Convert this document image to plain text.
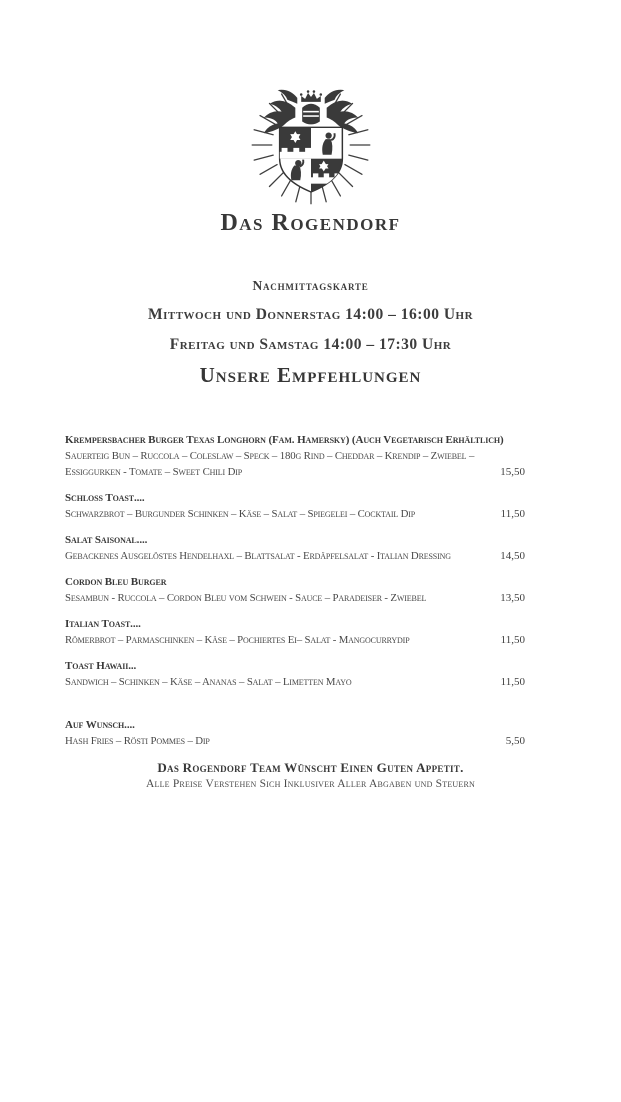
Das Rogendorf
Nachmittagskarte
Mittwoch und Donnerstag 14:00 – 16:00 Uhr
Freitag und Samstag 14:00 – 17:30 Uhr
Unsere Empfehlungen
Krempersbacher Burger Texas Longhorn (Fam. Hamersky) (Auch Vegetarisch Erhältlich)
Sauerteig Bun – Ruccola – Coleslaw – Speck – 180g Rind – Cheddar – Krendip – Zwiebel – Essiggurken - Tomate – Sweet Chili Dip	15,50
Schloss Toast....
Schwarzbrot – Burgunder Schinken – Käse – Salat – Spiegelei – Cocktail Dip	11,50
Salat Saisonal....
Gebackenes Ausgelöstes Hendelhaxl – Blattsalat - Erdäpfelsalat - Italian Dressing	14,50
Cordon Bleu Burger
Sesambun - Ruccola – Cordon Bleu vom Schwein - Sauce – Paradeiser - Zwiebel	13,50
Italian Toast....
Römerbrot – Parmaschinken – Käse – Pochiertes Ei– Salat - Mangocurrydip	11,50
Toast Hawaii...
Sandwich – Schinken – Käse – Ananas – Salat – Limetten Mayo	11,50
Auf Wunsch....
Hash Fries – Rösti Pommes – Dip	5,50
Das Rogendorf Team Wünscht Einen Guten Appetit.
Alle Preise Verstehen Sich Inklusiver Aller Abgaben und Steuern
